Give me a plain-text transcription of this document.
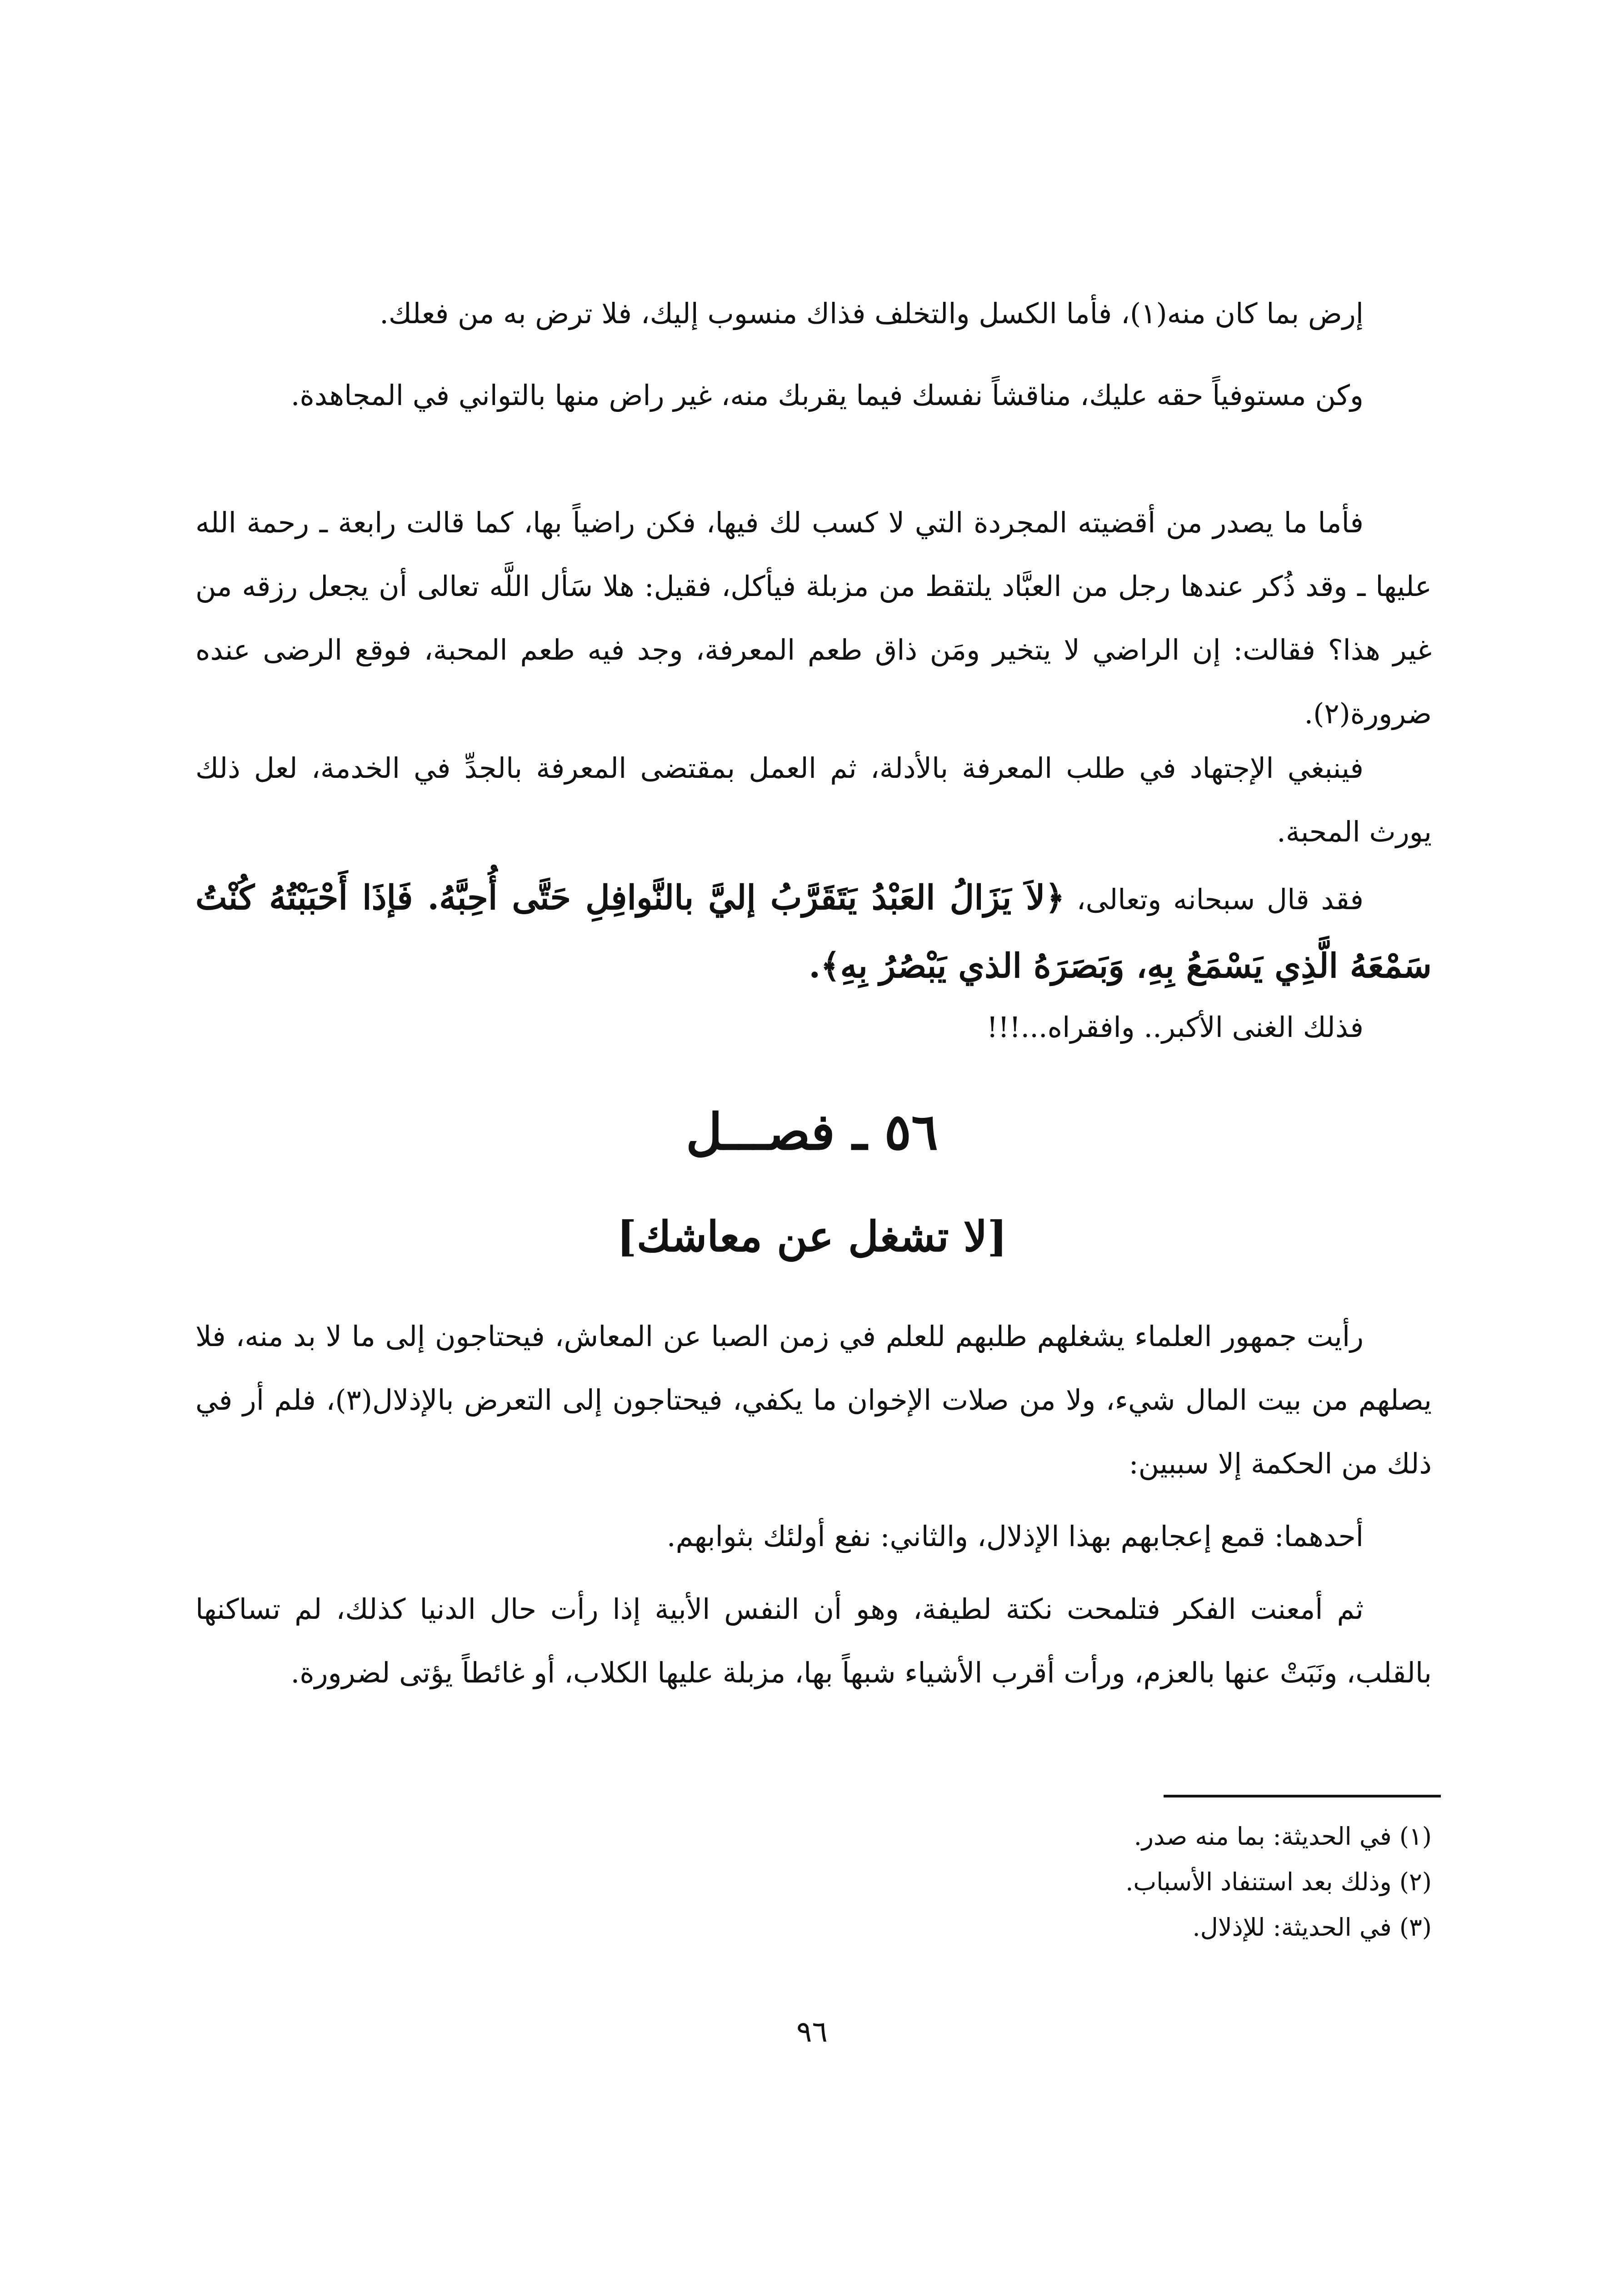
إرض بما كان منه(١)، فأما الكسل والتخلف فذاك منسوب إليك، فلا ترض به من فعلك.

وكن مستوفياً حقه عليك، مناقشاً نفسك فيما يقربك منه، غير راض منها بالتواني في المجاهدة.

فأما ما يصدر من أقضيته المجردة التي لا كسب لك فيها، فكن راضياً بها، كما قالت رابعة ـ رحمة الله عليها ـ وقد ذُكر عندها رجل من العبَّاد يلتقط من مزبلة فيأكل، فقيل: هلا سَأل اللَّه تعالى أن يجعل رزقه من غير هذا؟ فقالت: إن الراضي لا يتخير ومَن ذاق طعم المعرفة، وجد فيه طعم المحبة، فوقع الرضى عنده ضرورة(٢).

فينبغي الإجتهاد في طلب المعرفة بالأدلة، ثم العمل بمقتضى المعرفة بالجدِّ في الخدمة، لعل ذلك يورث المحبة.

فقد قال سبحانه وتعالى، ﴿لاَ يَزَالُ العَبْدُ يَتَقَرَّبُ إليَّ بالنَّوافِلِ حَتَّى أُحِبَّهُ. فَإذَا أَحْبَبْتُهُ كُنْتُ سَمْعَهُ الَّذِي يَسْمَعُ بِهِ، وَبَصَرَهُ الذي يَبْصُرُ بِهِ﴾.

فذلك الغنى الأكبر.. وافقراه...!!!

٥٦ ـ فصـــل
[لا تشغل عن معاشك]

رأيت جمهور العلماء يشغلهم طلبهم للعلم في زمن الصبا عن المعاش، فيحتاجون إلى ما لا بد منه، فلا يصلهم من بيت المال شيء، ولا من صلات الإخوان ما يكفي، فيحتاجون إلى التعرض بالإذلال(٣)، فلم أر في ذلك من الحكمة إلا سببين:

أحدهما: قمع إعجابهم بهذا الإذلال، والثاني: نفع أولئك بثوابهم.

ثم أمعنت الفكر فتلمحت نكتة لطيفة، وهو أن النفس الأبية إذا رأت حال الدنيا كذلك، لم تساكنها بالقلب، ونَبَتْ عنها بالعزم، ورأت أقرب الأشياء شبهاً بها، مزبلة عليها الكلاب، أو غائطاً يؤتى لضرورة.

(١) في الحديثة: بما منه صدر.
(٢) وذلك بعد استنفاد الأسباب.
(٣) في الحديثة: للإذلال.
٩٦
